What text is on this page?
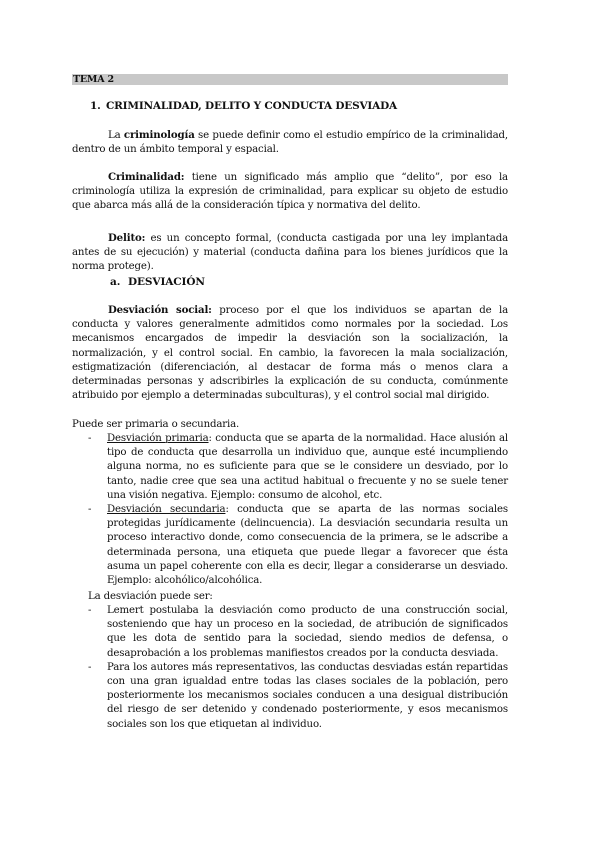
TEMA 2
1. CRIMINALIDAD, DELITO Y CONDUCTA DESVIADA
La criminología se puede definir como el estudio empírico de la criminalidad, dentro de un ámbito temporal y espacial.
Criminalidad: tiene un significado más amplio que “delito”, por eso la criminología utiliza la expresión de criminalidad, para explicar su objeto de estudio que abarca más allá de la consideración típica y normativa del delito.
Delito: es un concepto formal, (conducta castigada por una ley implantada antes de su ejecución) y material (conducta dañina para los bienes jurídicos que la norma protege).
a. DESVIACIÓN
Desviación social: proceso por el que los individuos se apartan de la conducta y valores generalmente admitidos como normales por la sociedad. Los mecanismos encargados de impedir la desviación son la socialización, la normalización, y el control social. En cambio, la favorecen la mala socialización, estigmatización (diferenciación, al destacar de forma más o menos clara a determinadas personas y adscribirles la explicación de su conducta, comúnmente atribuido por ejemplo a determinadas subculturas), y el control social mal dirigido.
Puede ser primaria o secundaria.
- Desviación primaria: conducta que se aparta de la normalidad. Hace alusión al tipo de conducta que desarrolla un individuo que, aunque esté incumpliendo alguna norma, no es suficiente para que se le considere un desviado, por lo tanto, nadie cree que sea una actitud habitual o frecuente y no se suele tener una visión negativa. Ejemplo: consumo de alcohol, etc.
- Desviación secundaria: conducta que se aparta de las normas sociales protegidas jurídicamente (delincuencia). La desviación secundaria resulta un proceso interactivo donde, como consecuencia de la primera, se le adscribe a determinada persona, una etiqueta que puede llegar a favorecer que ésta asuma un papel coherente con ella es decir, llegar a considerarse un desviado. Ejemplo: alcohólico/alcohólica.
La desviación puede ser:
- Lemert postulaba la desviación como producto de una construcción social, sosteniendo que hay un proceso en la sociedad, de atribución de significados que les dota de sentido para la sociedad, siendo medios de defensa, o desaprobación a los problemas manifiestos creados por la conducta desviada.
- Para los autores más representativos, las conductas desviadas están repartidas con una gran igualdad entre todas las clases sociales de la población, pero posteriormente los mecanismos sociales conducen a una desigual distribución del riesgo de ser detenido y condenado posteriormente, y esos mecanismos sociales son los que etiquetan al individuo.
